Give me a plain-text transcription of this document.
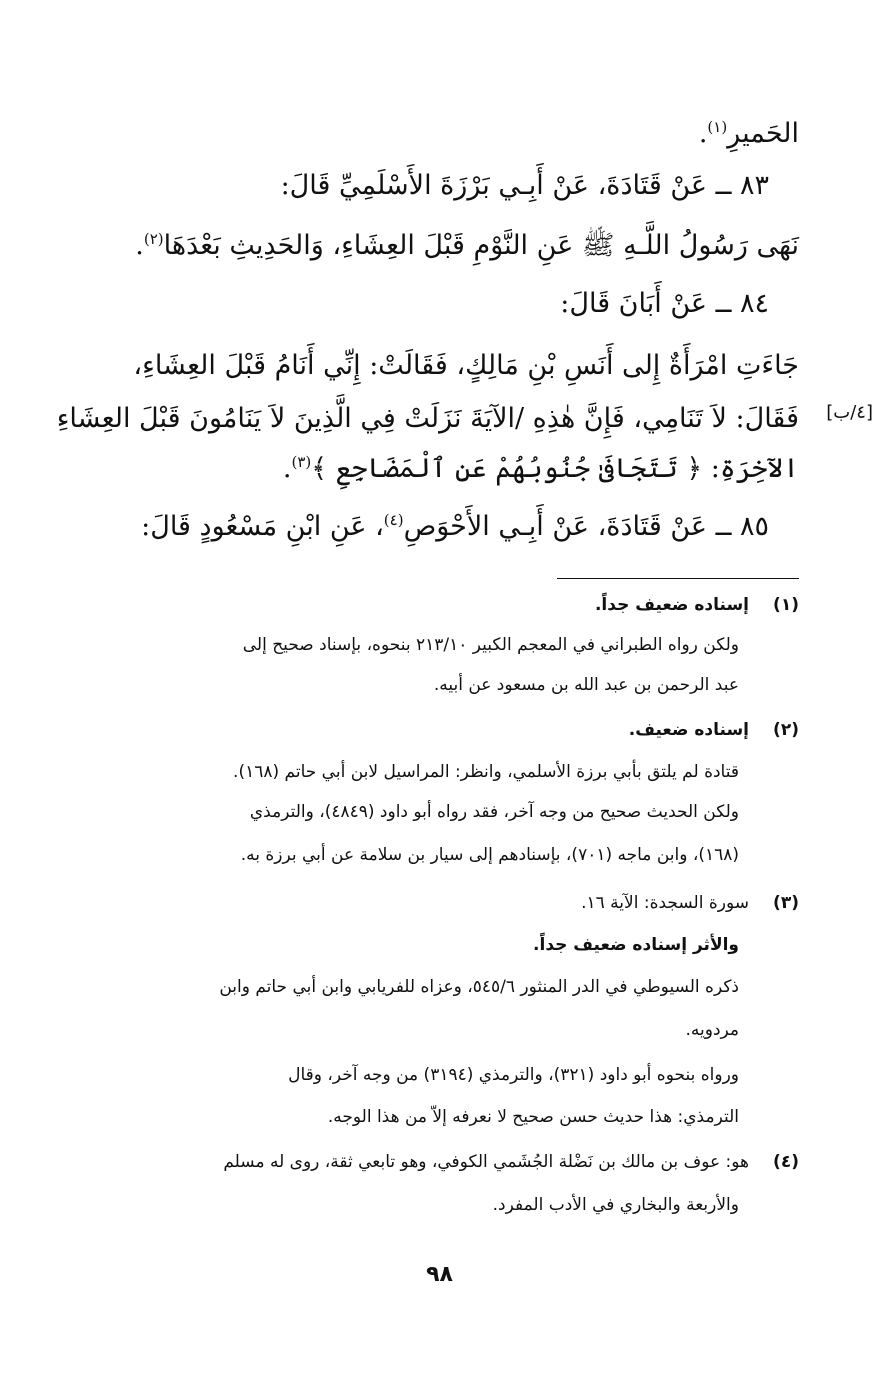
الحَميرِ$^{(١)}$.
٨٣ ــ عَنْ قَتَادَةَ، عَنْ أَبِـي بَرْزَةَ الأَسْلَمِيِّ قَالَ:
نَهَى رَسُولُ اللَّـهِ ﷺ عَنِ النَّوْمِ قَبْلَ العِشَاءِ، وَالحَدِيثِ بَعْدَهَا$^{(٢)}$.
٨٤ ــ عَنْ أَبَانَ قَالَ:
جَاءَتِ امْرَأَةٌ إِلى أَنَسِ بْنِ مَالِكٍ، فَقَالَتْ: إِنِّي أَنَامُ قَبْلَ العِشَاءِ،
فَقَالَ: لاَ تَنَامِي، فَإِنَّ هٰذِهِ /الآيَةَ نَزَلَتْ فِي الَّذِينَ لاَ يَنَامُونَ قَبْلَ العِشَاءِ
الآخِرَةِ: ﴿ تَتَجَافَىٰ جُنُوبُهُمْ عَنِ ٱلْمَضَاجِعِ ﴾$^{(٣)}$.
٨٥ ــ عَنْ قَتَادَةَ، عَنْ أَبِـي الأَحْوَصِ$^{(٤)}$، عَنِ ابْنِ مَسْعُودٍ قَالَ:
[٤/ب]
(١)
إسناده ضعيف جداً.
ولكن رواه الطبراني في المعجم الكبير ٢١٣/١٠ بنحوه، بإسناد صحيح إلى
عبد الرحمن بن عبد الله بن مسعود عن أبيه.
(٢)
إسناده ضعيف.
قتادة لم يلتق بأبي برزة الأسلمي، وانظر: المراسيل لابن أبي حاتم (١٦٨).
ولكن الحديث صحيح من وجه آخر، فقد رواه أبو داود (٤٨٤٩)، والترمذي
(١٦٨)، وابن ماجه (٧٠١)، بإسنادهم إلى سيار بن سلامة عن أبي برزة به.
(٣)
سورة السجدة: الآية ١٦.
والأثر إسناده ضعيف جداً.
ذكره السيوطي في الدر المنثور ٥٤٥/٦، وعزاه للفريابي وابن أبي حاتم وابن
مردويه.
ورواه بنحوه أبو داود (٣٢١)، والترمذي (٣١٩٤) من وجه آخر، وقال
الترمذي: هذا حديث حسن صحيح لا نعرفه إلاّ من هذا الوجه.
(٤)
هو: عوف بن مالك بن نَضْلة الجُشَمي الكوفي، وهو تابعي ثقة، روى له مسلم
والأربعة والبخاري في الأدب المفرد.
٩٨
